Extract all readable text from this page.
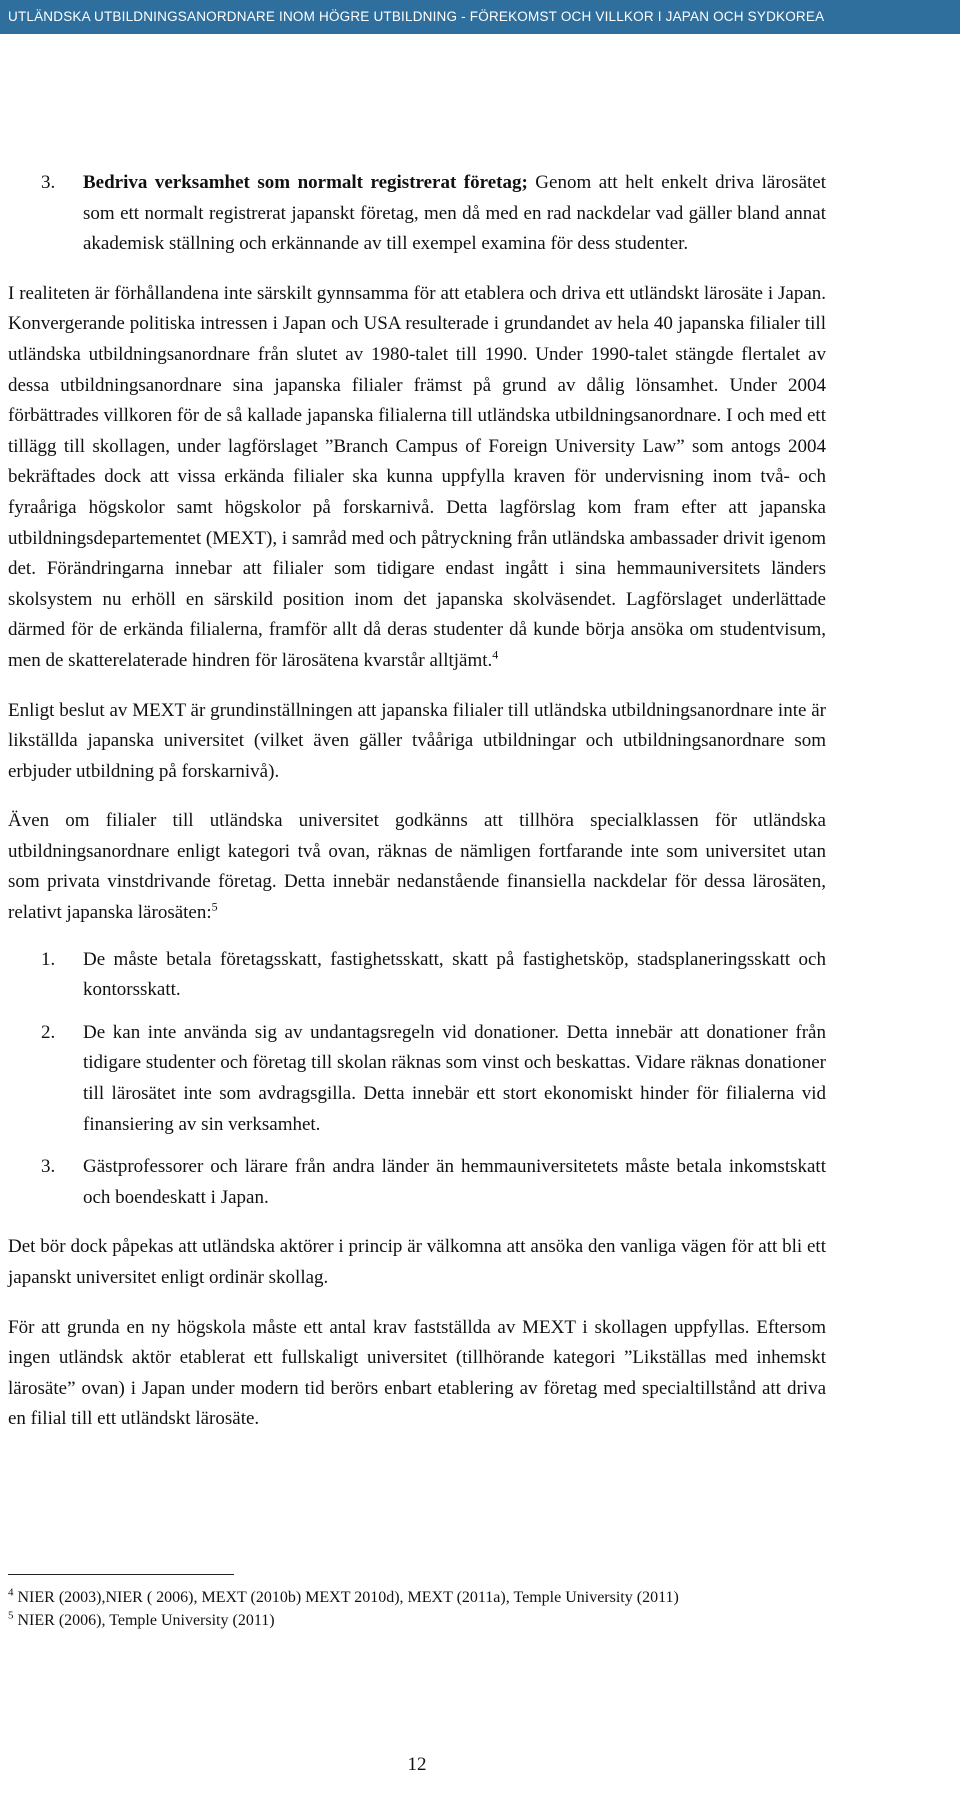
UTLÄNDSKA UTBILDNINGSANORDNARE INOM HÖGRE UTBILDNING - FÖREKOMST OCH VILLKOR I JAPAN OCH SYDKOREA
3.	Bedriva verksamhet som normalt registrerat företag; Genom att helt enkelt driva lärosätet som ett normalt registrerat japanskt företag, men då med en rad nackdelar vad gäller bland annat akademisk ställning och erkännande av till exempel examina för dess studenter.

I realiteten är förhållandena inte särskilt gynnsamma för att etablera och driva ett utländskt lärosäte i Japan. Konvergerande politiska intressen i Japan och USA resulterade i grundandet av hela 40 japanska filialer till utländska utbildningsanordnare från slutet av 1980-talet till 1990. Under 1990-talet stängde flertalet av dessa utbildningsanordnare sina japanska filialer främst på grund av dålig lönsamhet. Under 2004 förbättrades villkoren för de så kallade japanska filialerna till utländska utbildningsanordnare. I och med ett tillägg till skollagen, under lagförslaget ”Branch Campus of Foreign University Law” som antogs 2004 bekräftades dock att vissa erkända filialer ska kunna uppfylla kraven för undervisning inom två- och fyraåriga högskolor samt högskolor på forskarnivå. Detta lagförslag kom fram efter att japanska utbildningsdepartementet (MEXT), i samråd med och påtryckning från utländska ambassader drivit igenom det. Förändringarna innebar att filialer som tidigare endast ingått i sina hemmauniversitets länders skolsystem nu erhöll en särskild position inom det japanska skolväsendet. Lagförslaget underlättade därmed för de erkända filialerna, framför allt då deras studenter då kunde börja ansöka om studentvisum, men de skatterelaterade hindren för lärosätena kvarstår alltjämt.$^4$

Enligt beslut av MEXT är grundinställningen att japanska filialer till utländska utbildningsanordnare inte är likställda japanska universitet (vilket även gäller tvååriga utbildningar och utbildningsanordnare som erbjuder utbildning på forskarnivå).

Även om filialer till utländska universitet godkänns att tillhöra specialklassen för utländska utbildningsanordnare enligt kategori två ovan, räknas de nämligen fortfarande inte som universitet utan som privata vinstdrivande företag. Detta innebär nedanstående finansiella nackdelar för dessa lärosäten, relativt japanska lärosäten:$^5$

1.	De måste betala företagsskatt, fastighetsskatt, skatt på fastighetsköp, stadsplaneringsskatt och kontorsskatt.

2.	De kan inte använda sig av undantagsregeln vid donationer. Detta innebär att donationer från tidigare studenter och företag till skolan räknas som vinst och beskattas. Vidare räknas donationer till lärosätet inte som avdragsgilla. Detta innebär ett stort ekonomiskt hinder för filialerna vid finansiering av sin verksamhet.

3.	Gästprofessorer och lärare från andra länder än hemmauniversitetets måste betala inkomstskatt och boendeskatt i Japan.

Det bör dock påpekas att utländska aktörer i princip är välkomna att ansöka den vanliga vägen för att bli ett japanskt universitet enligt ordinär skollag.

För att grunda en ny högskola måste ett antal krav fastställda av MEXT i skollagen uppfyllas. Eftersom ingen utländsk aktör etablerat ett fullskaligt universitet (tillhörande kategori ”Likställas med inhemskt lärosäte” ovan) i Japan under modern tid berörs enbart etablering av företag med specialtillstånd att driva en filial till ett utländskt lärosäte.

$^4$ NIER (2003),NIER ( 2006), MEXT (2010b) MEXT 2010d), MEXT (2011a), Temple University (2011)
$^5$ NIER (2006), Temple University (2011)
12
